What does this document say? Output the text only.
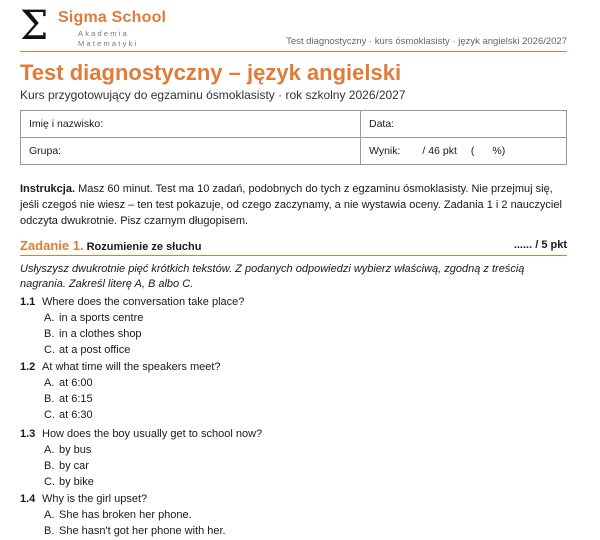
Σ Sigma School
Akademia
Matematyki	Test diagnostyczny · kurs ósmoklasisty · język angielski 2026/2027
Test diagnostyczny – język angielski
Kurs przygotowujący do egzaminu ósmoklasisty · rok szkolny 2026/2027
Imię i nazwisko:	Data:
Grupa:	Wynik: / 46 pkt ( %)
Instrukcja. Masz 60 minut. Test ma 10 zadań, podobnych do tych z egzaminu ósmoklasisty. Nie przejmuj się, jeśli czegoś nie wiesz – ten test pokazuje, od czego zaczynamy, a nie wystawia oceny. Zadania 1 i 2 nauczyciel odczyta dwukrotnie. Pisz czarnym długopisem.
Zadanie 1. Rozumienie ze słuchu	...... / 5 pkt
Usłyszysz dwukrotnie pięć krótkich tekstów. Z podanych odpowiedzi wybierz właściwą, zgodną z treścią nagrania. Zakreśl literę A, B albo C.
1.1 Where does the conversation take place?
A. in a sports centre
B. in a clothes shop
C. at a post office
1.2 At what time will the speakers meet?
A. at 6:00
B. at 6:15
C. at 6:30
1.3 How does the boy usually get to school now?
A. by bus
B. by car
C. by bike
1.4 Why is the girl upset?
A. She has broken her phone.
B. She hasn't got her phone with her.
